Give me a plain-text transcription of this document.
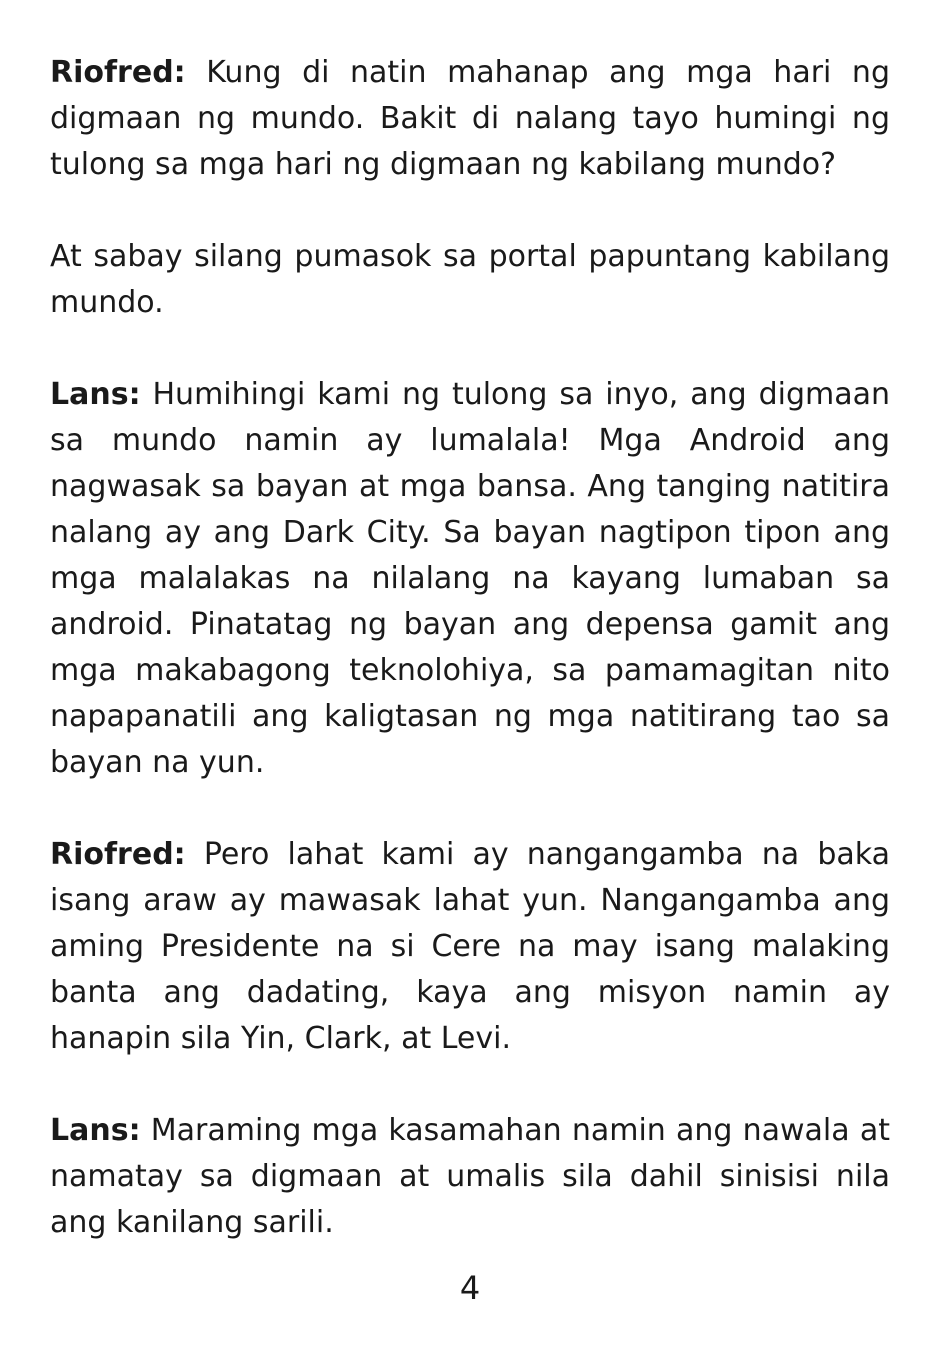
Riofred: Kung di natin mahanap ang mga hari ng digmaan ng mundo. Bakit di nalang tayo humingi ng tulong sa mga hari ng digmaan ng kabilang mundo?

At sabay silang pumasok sa portal papuntang kabilang mundo.

Lans: Humihingi kami ng tulong sa inyo, ang digmaan sa mundo namin ay lumalala! Mga Android ang nagwasak sa bayan at mga bansa. Ang tanging natitira nalang ay ang Dark City. Sa bayan nagtipon tipon ang mga malalakas na nilalang na kayang lumaban sa android. Pinatatag ng bayan ang depensa gamit ang mga makabagong teknolohiya, sa pamamagitan nito napapanatili ang kaligtasan ng mga natitirang tao sa bayan na yun.

Riofred: Pero lahat kami ay nangangamba na baka isang araw ay mawasak lahat yun. Nangangamba ang aming Presidente na si Cere na may isang malaking banta ang dadating, kaya ang misyon namin ay hanapin sila Yin, Clark, at Levi.

Lans: Maraming mga kasamahan namin ang nawala at namatay sa digmaan at umalis sila dahil sinisisi nila ang kanilang sarili.

4
